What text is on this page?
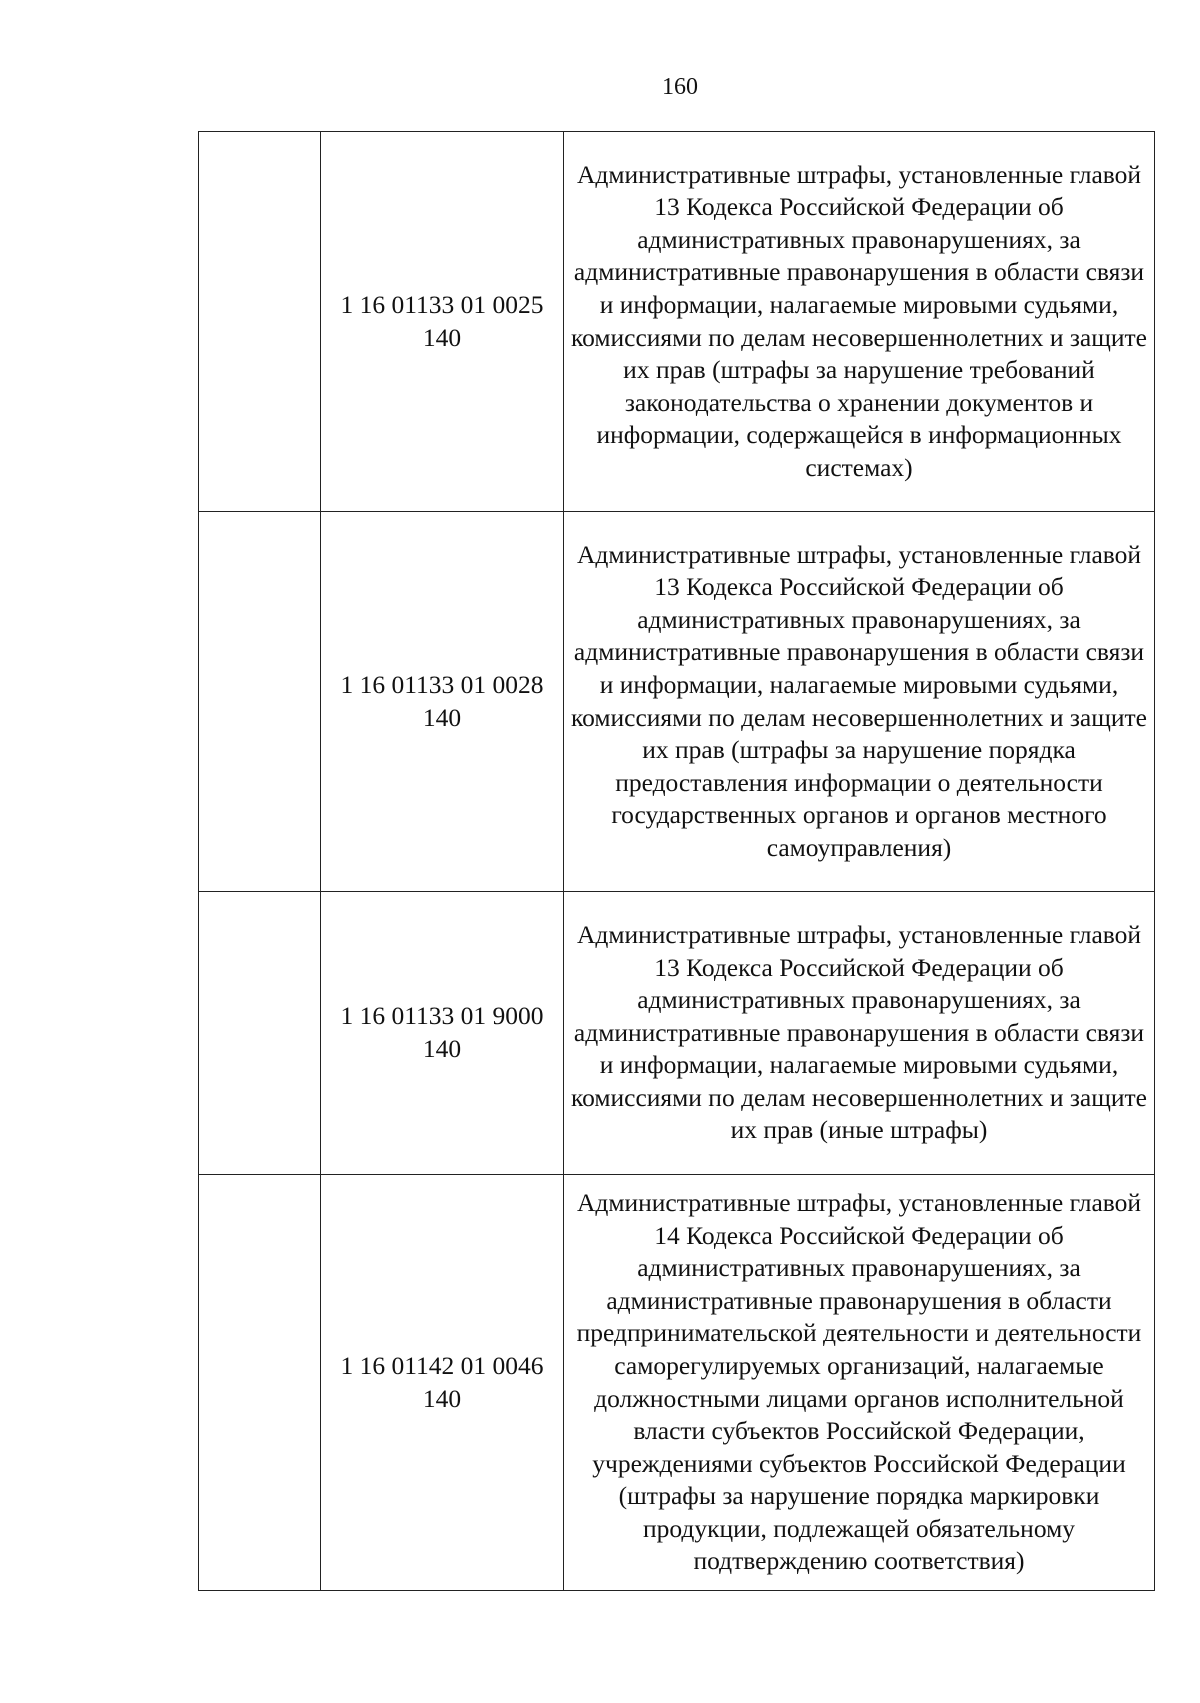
160
	1 16 01133 01 0025 140	Административные штрафы, установленные главой 13 Кодекса Российской Федерации об административных правонарушениях, за административные правонарушения в области связи и информации, налагаемые мировыми судьями, комиссиями по делам несовершеннолетних и защите их прав (штрафы за нарушение требований законодательства о хранении документов и информации, содержащейся в информационных системах)
	1 16 01133 01 0028 140	Административные штрафы, установленные главой 13 Кодекса Российской Федерации об административных правонарушениях, за административные правонарушения в области связи и информации, налагаемые мировыми судьями, комиссиями по делам несовершеннолетних и защите их прав (штрафы за нарушение порядка предоставления информации о деятельности государственных органов и органов местного самоуправления)
	1 16 01133 01 9000 140	Административные штрафы, установленные главой 13 Кодекса Российской Федерации об административных правонарушениях, за административные правонарушения в области связи и информации, налагаемые мировыми судьями, комиссиями по делам несовершеннолетних и защите их прав (иные штрафы)
	1 16 01142 01 0046 140	Административные штрафы, установленные главой 14 Кодекса Российской Федерации об административных правонарушениях, за административные правонарушения в области предпринимательской деятельности и деятельности саморегулируемых организаций, налагаемые должностными лицами органов исполнительной власти субъектов Российской Федерации, учреждениями субъектов Российской Федерации (штрафы за нарушение порядка маркировки продукции, подлежащей обязательному подтверждению соответствия)
